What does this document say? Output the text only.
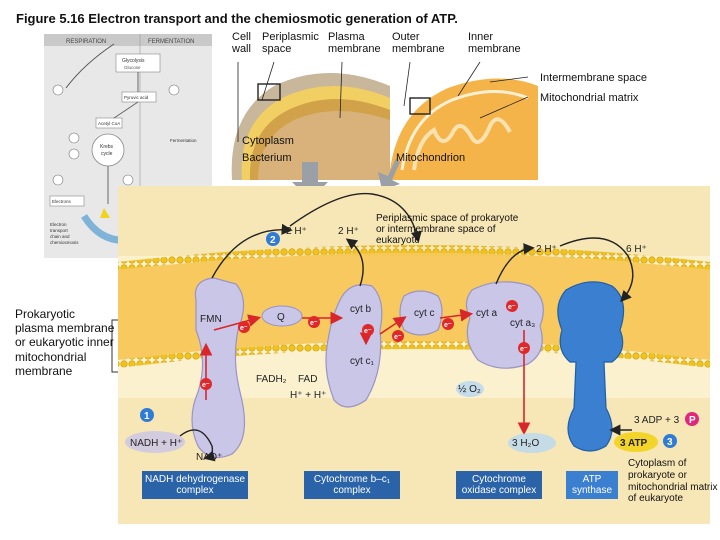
Figure 5.16 Electron transport and the chemiosmotic generation of ATP.
RESPIRATION	FERMENTATION
Glycolysis
Glucose
Pyruvic acid
Acetyl CoA
Krebs
cycle
Fermentation
Electrons
Electron
transport
chain and
chemiosmosis
Cell
wall
Periplasmic
space
Plasma
membrane
Outer
membrane
Inner
membrane
Intermembrane space
Mitochondrial matrix
Cytoplasm
Bacterium	Mitochondrion
1
2
3
2 H⁺	2 H⁺
2 H⁺	6 H⁺
FMN	Q
cyt b
cyt c₁
cyt c	cyt a
cyt a₃
FADH₂ FAD
H⁺ + H⁺
½ O₂
3 H₂O
NADH + H⁺
NAD⁺
3 ADP + 3 P
3 ATP
e⁻
e⁻
e⁻
e⁻
e⁻
e⁻
e⁻
e⁻
Periplasmic space of prokaryote
or intermembrane space of
eukaryote
Prokaryotic plasma membrane or eukaryotic inner mitochondrial membrane
Cytoplasm of prokaryote or mitochondrial matrix of eukaryote
NADH dehydrogenase
complex
Cytochrome b–c₁
complex
Cytochrome
oxidase complex
ATP
synthase
